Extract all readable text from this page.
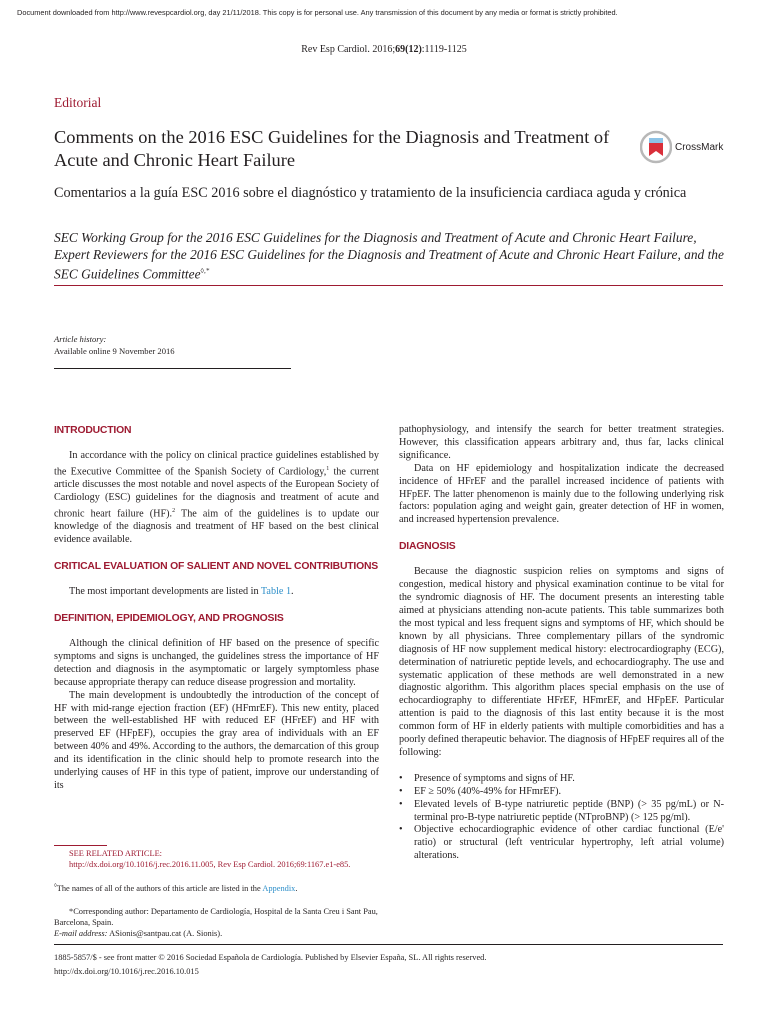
Document downloaded from http://www.revespcardiol.org, day 21/11/2018. This copy is for personal use. Any transmission of this document by any media or format is strictly prohibited.
Rev Esp Cardiol. 2016;69(12):1119-1125
Editorial
Comments on the 2016 ESC Guidelines for the Diagnosis and Treatment of Acute and Chronic Heart Failure
CrossMark
Comentarios a la guía ESC 2016 sobre el diagnóstico y tratamiento de la insuficiencia cardiaca aguda y crónica
SEC Working Group for the 2016 ESC Guidelines for the Diagnosis and Treatment of Acute and Chronic Heart Failure, Expert Reviewers for the 2016 ESC Guidelines for the Diagnosis and Treatment of Acute and Chronic Heart Failure, and the SEC Guidelines Committee◊,*
Article history:
Available online 9 November 2016
INTRODUCTION

In accordance with the policy on clinical practice guidelines established by the Executive Committee of the Spanish Society of Cardiology,$^1$ the current article discusses the most notable and novel aspects of the European Society of Cardiology (ESC) guidelines for the diagnosis and treatment of acute and chronic heart failure (HF).$^2$ The aim of the guidelines is to update our knowledge of the diagnosis and treatment of HF based on the best clinical evidence available.

CRITICAL EVALUATION OF SALIENT AND NOVEL CONTRIBUTIONS

The most important developments are listed in Table 1.

DEFINITION, EPIDEMIOLOGY, AND PROGNOSIS

Although the clinical definition of HF based on the presence of specific symptoms and signs is unchanged, the guidelines stress the importance of HF detection and diagnosis in the asymptomatic or largely symptomless phase because appropriate therapy can reduce disease progression and mortality.

The main development is undoubtedly the introduction of the concept of HF with mid-range ejection fraction (EF) (HFmrEF). This new entity, placed between the well-established HF with reduced EF (HFrEF) and HF with preserved EF (HFpEF), occupies the gray area of individuals with an EF between 40% and 49%. According to the authors, the demarcation of this group and its identification in the clinic should help to promote research into the underlying causes of HF in this type of patient, improve our understanding of its

pathophysiology, and intensify the search for better treatment strategies. However, this classification appears arbitrary and, thus far, lacks clinical significance.

Data on HF epidemiology and hospitalization indicate the decreased incidence of HFrEF and the parallel increased incidence of patients with HFpEF. The latter phenomenon is mainly due to the following underlying risk factors: population aging and weight gain, greater detection of HF in women, and increased hypertension prevalence.

DIAGNOSIS

Because the diagnostic suspicion relies on symptoms and signs of congestion, medical history and physical examination continue to be vital for the syndromic diagnosis of HF. The document presents an interesting table aimed at physicians attending non-acute patients. This table summarizes both the most typical and less frequent signs and symptoms of HF, which should be known by all physicians. Three complementary pillars of the syndromic diagnosis of HF now supplement medical history: electrocardiography (ECG), determination of natriuretic peptide levels, and echocardiography. The use and systematic application of these methods are well demonstrated in a new diagnostic algorithm. This algorithm places special emphasis on the use of echocardiography to differentiate HFrEF, HFmrEF, and HFpEF. Particular attention is paid to the diagnosis of this last entity because it is the most common form of HF in elderly patients with multiple comorbidities and has a poorly defined therapeutic behavior. The diagnosis of HFpEF requires all of the following:

• Presence of symptoms and signs of HF.
• EF ≥ 50% (40%-49% for HFmrEF).
• Elevated levels of B-type natriuretic peptide (BNP) (> 35 pg/mL) or N-terminal pro-B-type natriuretic peptide (NTproBNP) (> 125 pg/ml).
• Objective echocardiographic evidence of other cardiac functional (E/e' ratio) or structural (left ventricular hypertrophy, left atrial volume) alterations.
SEE RELATED ARTICLE:
http://dx.doi.org/10.1016/j.rec.2016.11.005, Rev Esp Cardiol. 2016;69:1167.e1-e85.
◊The names of all of the authors of this article are listed in the Appendix.
*Corresponding author: Departamento de Cardiología, Hospital de la Santa Creu i Sant Pau, Barcelona, Spain.
E-mail address: ASionis@santpau.cat (A. Sionis).
1885-5857/$ - see front matter © 2016 Sociedad Española de Cardiología. Published by Elsevier España, SL. All rights reserved.
http://dx.doi.org/10.1016/j.rec.2016.10.015
